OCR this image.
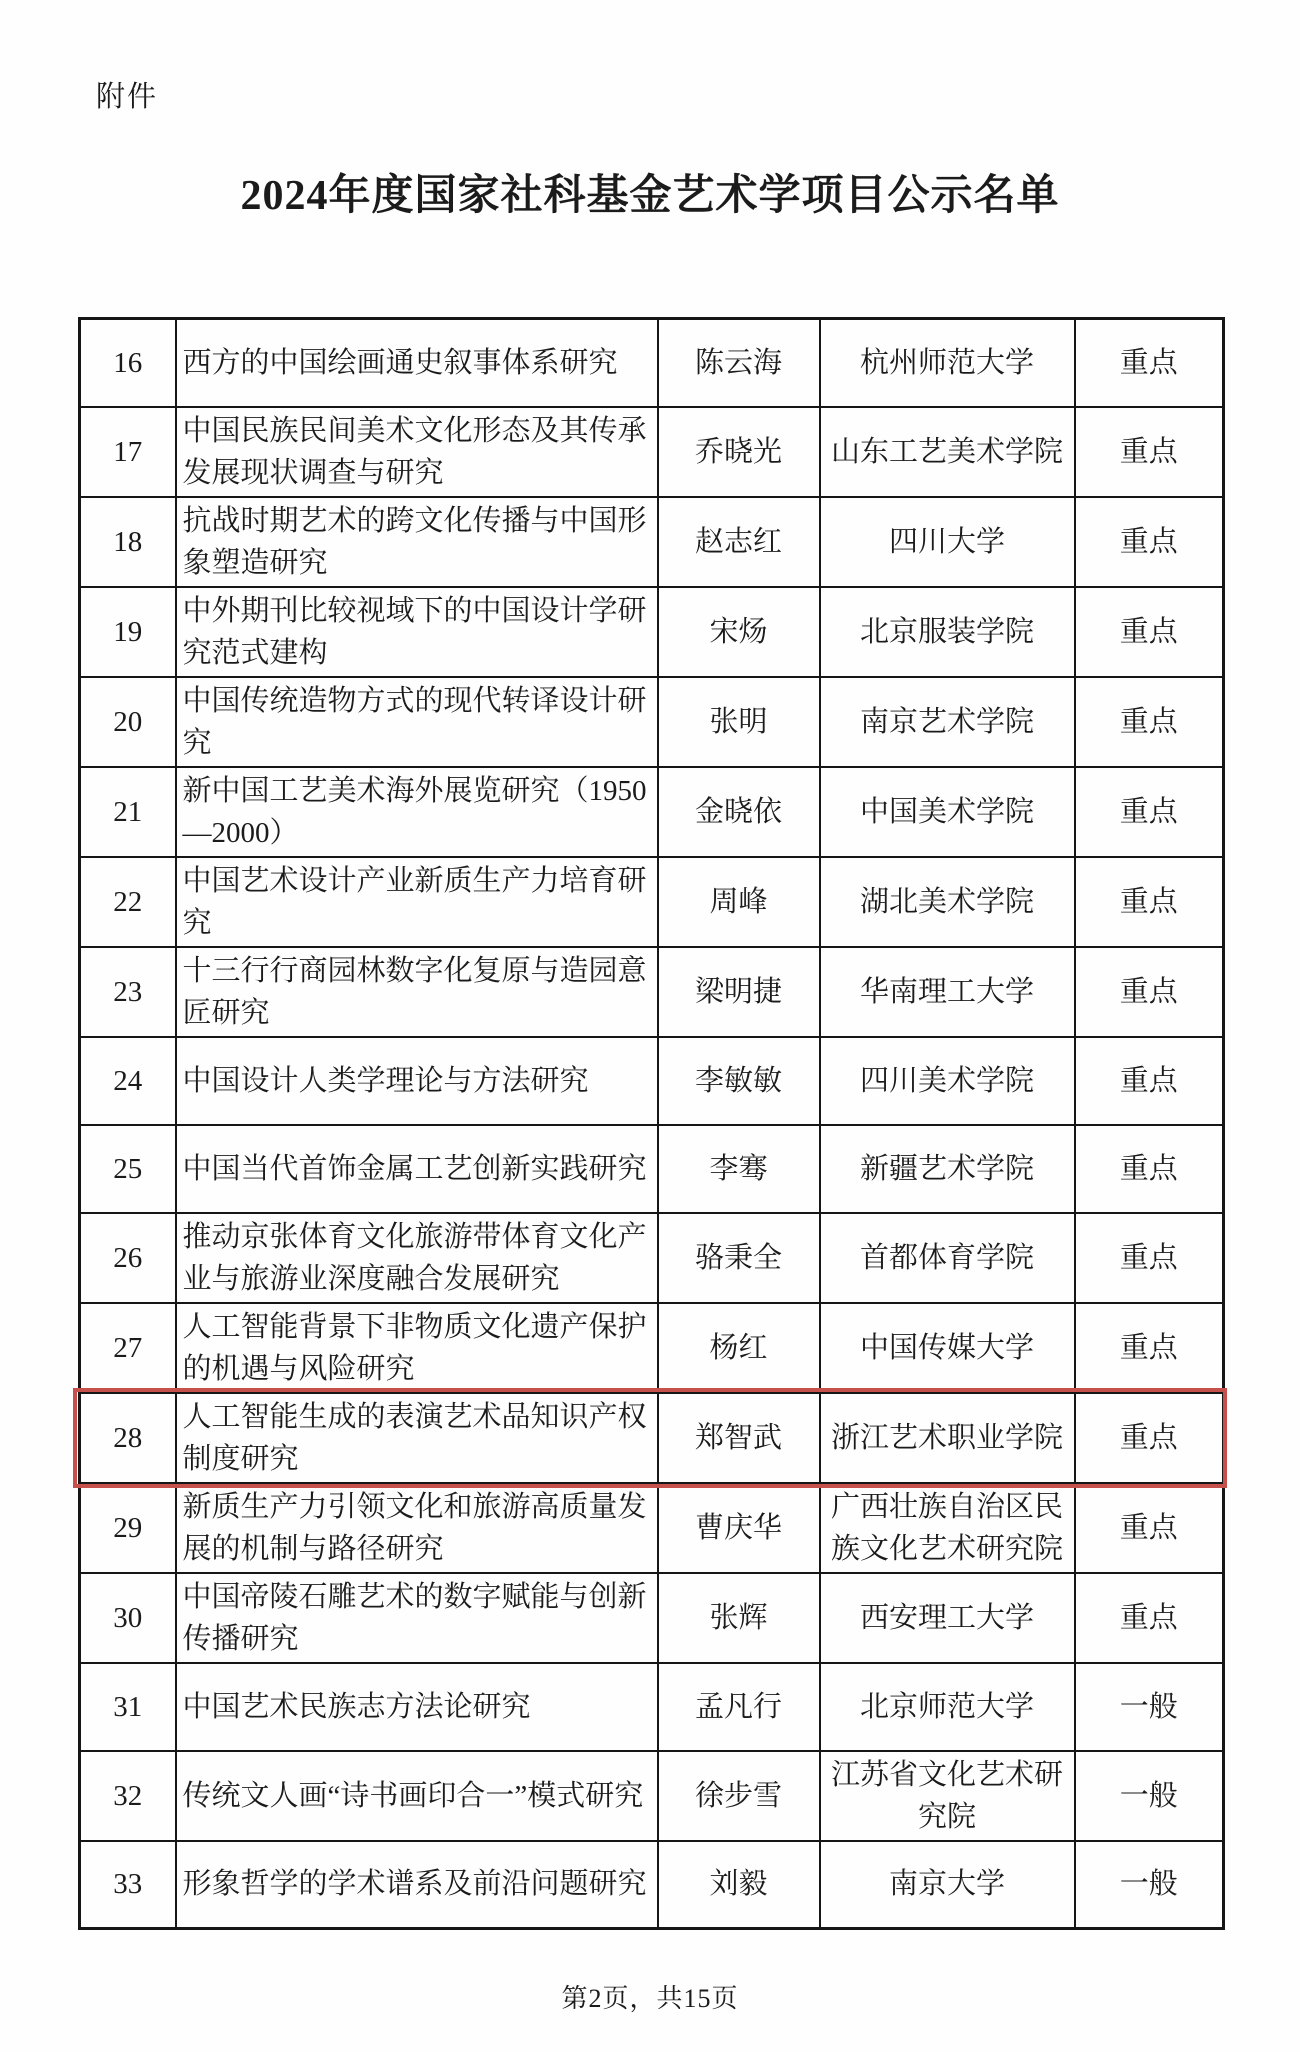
附件
2024年度国家社科基金艺术学项目公示名单
16	西方的中国绘画通史叙事体系研究	陈云海	杭州师范大学	重点
17	中国民族民间美术文化形态及其传承发展现状调查与研究	乔晓光	山东工艺美术学院	重点
18	抗战时期艺术的跨文化传播与中国形象塑造研究	赵志红	四川大学	重点
19	中外期刊比较视域下的中国设计学研究范式建构	宋炀	北京服装学院	重点
20	中国传统造物方式的现代转译设计研究	张明	南京艺术学院	重点
21	新中国工艺美术海外展览研究（1950—2000）	金晓依	中国美术学院	重点
22	中国艺术设计产业新质生产力培育研究	周峰	湖北美术学院	重点
23	十三行行商园林数字化复原与造园意匠研究	梁明捷	华南理工大学	重点
24	中国设计人类学理论与方法研究	李敏敏	四川美术学院	重点
25	中国当代首饰金属工艺创新实践研究	李骞	新疆艺术学院	重点
26	推动京张体育文化旅游带体育文化产业与旅游业深度融合发展研究	骆秉全	首都体育学院	重点
27	人工智能背景下非物质文化遗产保护的机遇与风险研究	杨红	中国传媒大学	重点
28	人工智能生成的表演艺术品知识产权制度研究	郑智武	浙江艺术职业学院	重点
29	新质生产力引领文化和旅游高质量发展的机制与路径研究	曹庆华	广西壮族自治区民族文化艺术研究院	重点
30	中国帝陵石雕艺术的数字赋能与创新传播研究	张辉	西安理工大学	重点
31	中国艺术民族志方法论研究	孟凡行	北京师范大学	一般
32	传统文人画“诗书画印合一”模式研究	徐步雪	江苏省文化艺术研究院	一般
33	形象哲学的学术谱系及前沿问题研究	刘毅	南京大学	一般
第2页，共15页
